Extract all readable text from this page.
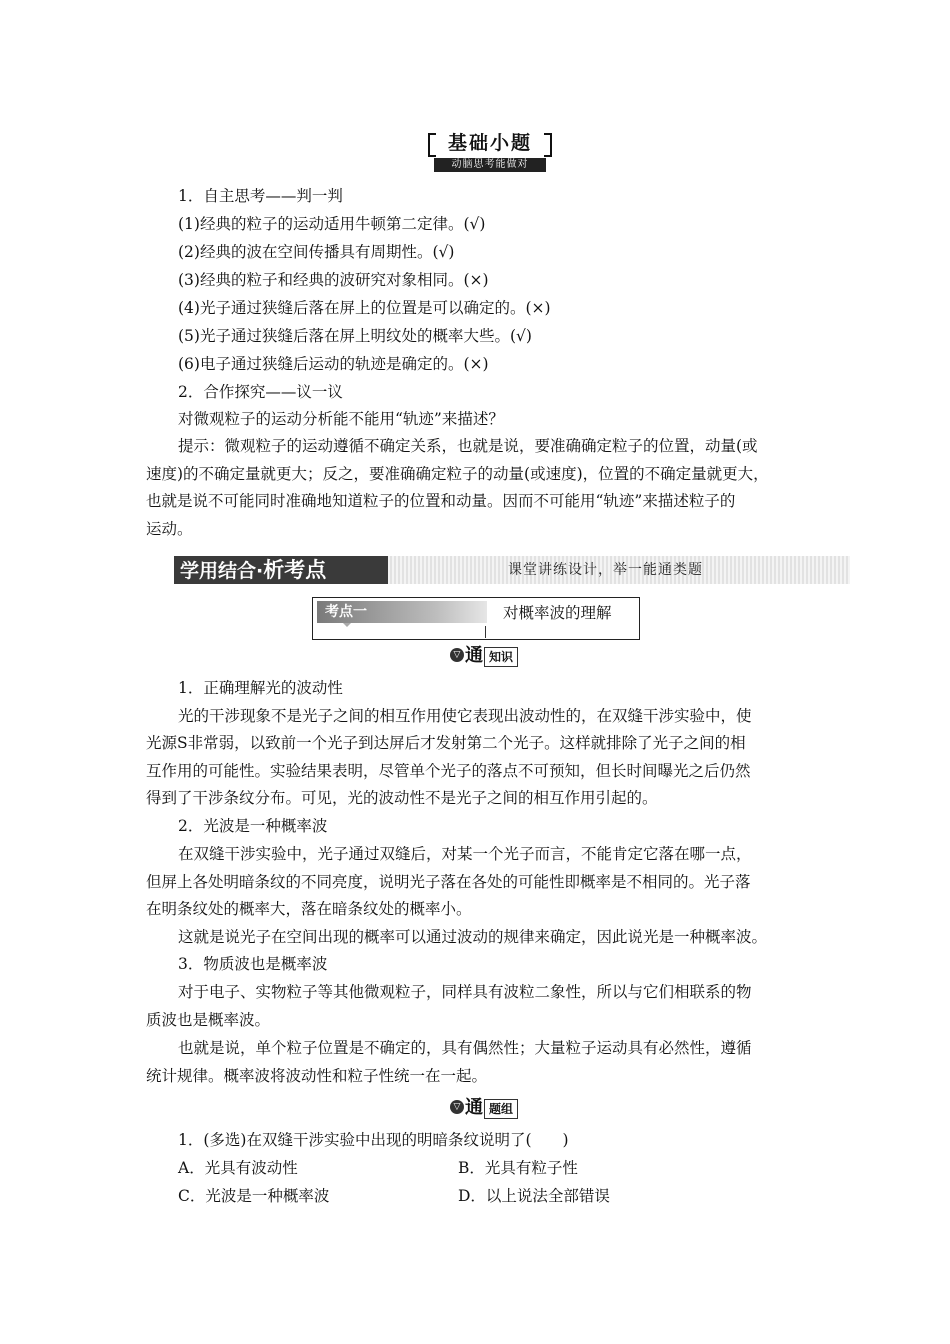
基础小题
动脑思考能做对
1．自主思考——判一判
(1)经典的粒子的运动适用牛顿第二定律。(√)
(2)经典的波在空间传播具有周期性。(√)
(3)经典的粒子和经典的波研究对象相同。(×)
(4)光子通过狭缝后落在屏上的位置是可以确定的。(×)
(5)光子通过狭缝后落在屏上明纹处的概率大些。(√)
(6)电子通过狭缝后运动的轨迹是确定的。(×)
2．合作探究——议一议
对微观粒子的运动分析能不能用“轨迹”来描述？
提示：微观粒子的运动遵循不确定关系，也就是说，要准确确定粒子的位置，动量(或
速度)的不确定量就更大；反之，要准确确定粒子的动量(或速度)，位置的不确定量就更大，
也就是说不可能同时准确地知道粒子的位置和动量。因而不可能用“轨迹”来描述粒子的
运动。
学用结合·析考点	课堂讲练设计，举一能通类题
考点一	对概率波的理解
▽ 通 知识
1．正确理解光的波动性
光的干涉现象不是光子之间的相互作用使它表现出波动性的，在双缝干涉实验中，使
光源S非常弱，以致前一个光子到达屏后才发射第二个光子。这样就排除了光子之间的相
互作用的可能性。实验结果表明，尽管单个光子的落点不可预知，但长时间曝光之后仍然
得到了干涉条纹分布。可见，光的波动性不是光子之间的相互作用引起的。
2．光波是一种概率波
在双缝干涉实验中，光子通过双缝后，对某一个光子而言，不能肯定它落在哪一点，
但屏上各处明暗条纹的不同亮度，说明光子落在各处的可能性即概率是不相同的。光子落
在明条纹处的概率大，落在暗条纹处的概率小。
这就是说光子在空间出现的概率可以通过波动的规律来确定，因此说光是一种概率波。
3．物质波也是概率波
对于电子、实物粒子等其他微观粒子，同样具有波粒二象性，所以与它们相联系的物
质波也是概率波。
也就是说，单个粒子位置是不确定的，具有偶然性；大量粒子运动具有必然性，遵循
统计规律。概率波将波动性和粒子性统一在一起。
▽ 通 题组
1．(多选)在双缝干涉实验中出现的明暗条纹说明了(　　)
A．光具有波动性	B．光具有粒子性
C．光波是一种概率波	D．以上说法全部错误
